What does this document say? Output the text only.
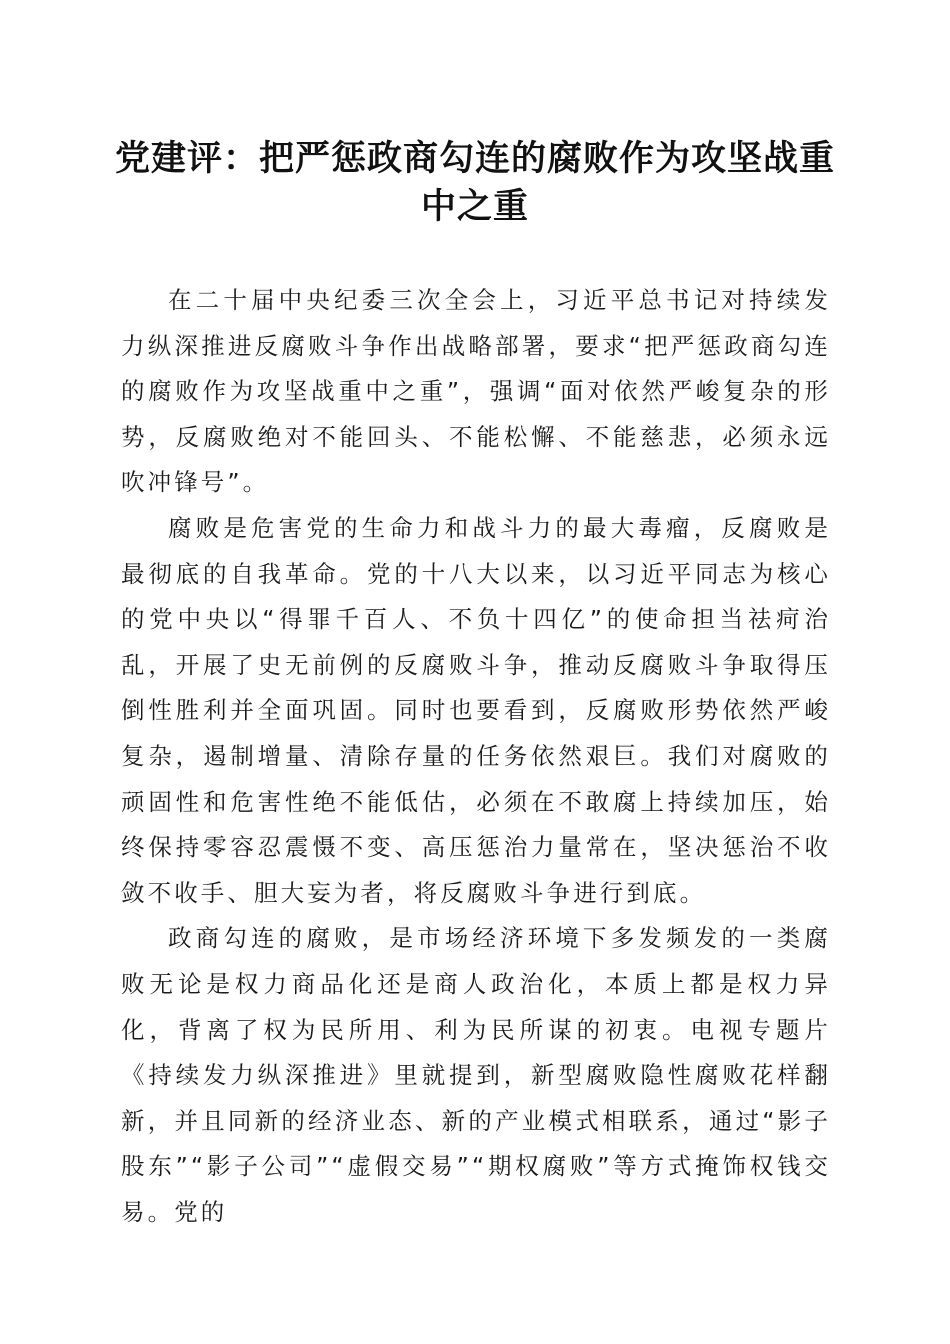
党建评：把严惩政商勾连的腐败作为攻坚战重中之重

在二十届中央纪委三次全会上，习近平总书记对持续发力纵深推进反腐败斗争作出战略部署，要求“把严惩政商勾连的腐败作为攻坚战重中之重”，强调“面对依然严峻复杂的形势，反腐败绝对不能回头、不能松懈、不能慈悲，必须永远吹冲锋号”。

腐败是危害党的生命力和战斗力的最大毒瘤，反腐败是最彻底的自我革命。党的十八大以来，以习近平同志为核心的党中央以“得罪千百人、不负十四亿”的使命担当祛疴治乱，开展了史无前例的反腐败斗争，推动反腐败斗争取得压倒性胜利并全面巩固。同时也要看到，反腐败形势依然严峻复杂，遏制增量、清除存量的任务依然艰巨。我们对腐败的顽固性和危害性绝不能低估，必须在不敢腐上持续加压，始终保持零容忍震慑不变、高压惩治力量常在，坚决惩治不收敛不收手、胆大妄为者，将反腐败斗争进行到底。

政商勾连的腐败，是市场经济环境下多发频发的一类腐败无论是权力商品化还是商人政治化，本质上都是权力异化，背离了权为民所用、利为民所谋的初衷。电视专题片《持续发力纵深推进》里就提到，新型腐败隐性腐败花样翻新，并且同新的经济业态、新的产业模式相联系，通过“影子股东”“影子公司”“虚假交易”“期权腐败”等方式掩饰权钱交易。党的
